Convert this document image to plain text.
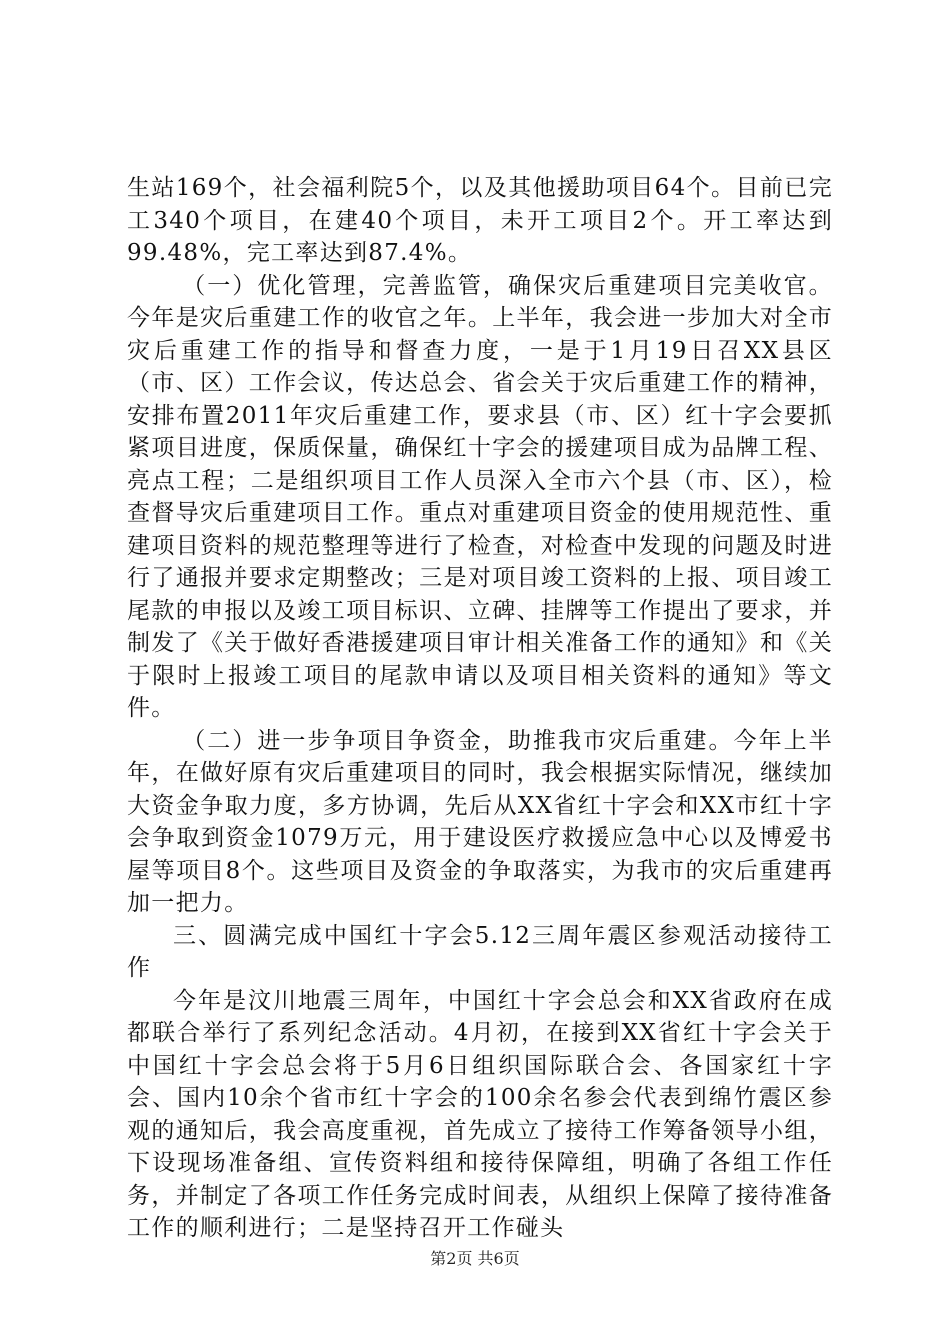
生站169个，社会福利院5个，以及其他援助项目64个。目前已完工340个项目，在建40个项目，未开工项目2个。开工率达到99.48%，完工率达到87.4%。

（一）优化管理，完善监管，确保灾后重建项目完美收官。今年是灾后重建工作的收官之年。上半年，我会进一步加大对全市灾后重建工作的指导和督查力度，一是于1月19日召XX县区（市、区）工作会议，传达总会、省会关于灾后重建工作的精神，安排布置2011年灾后重建工作，要求县（市、区）红十字会要抓紧项目进度，保质保量，确保红十字会的援建项目成为品牌工程、亮点工程；二是组织项目工作人员深入全市六个县（市、区），检查督导灾后重建项目工作。重点对重建项目资金的使用规范性、重建项目资料的规范整理等进行了检查，对检查中发现的问题及时进行了通报并要求定期整改；三是对项目竣工资料的上报、项目竣工尾款的申报以及竣工项目标识、立碑、挂牌等工作提出了要求，并制发了《关于做好香港援建项目审计相关准备工作的通知》和《关于限时上报竣工项目的尾款申请以及项目相关资料的通知》等文件。

（二）进一步争项目争资金，助推我市灾后重建。今年上半年，在做好原有灾后重建项目的同时，我会根据实际情况，继续加大资金争取力度，多方协调，先后从XX省红十字会和XX市红十字会争取到资金1079万元，用于建设医疗救援应急中心以及博爱书屋等项目8个。这些项目及资金的争取落实，为我市的灾后重建再加一把力。

三、圆满完成中国红十字会5.12三周年震区参观活动接待工作

今年是汶川地震三周年，中国红十字会总会和XX省政府在成都联合举行了系列纪念活动。4月初，在接到XX省红十字会关于中国红十字会总会将于5月6日组织国际联合会、各国家红十字会、国内10余个省市红十字会的100余名参会代表到绵竹震区参观的通知后，我会高度重视，首先成立了接待工作筹备领导小组，下设现场准备组、宣传资料组和接待保障组，明确了各组工作任务，并制定了各项工作任务完成时间表，从组织上保障了接待准备工作的顺利进行；二是坚持召开工作碰头

第2页 共6页
